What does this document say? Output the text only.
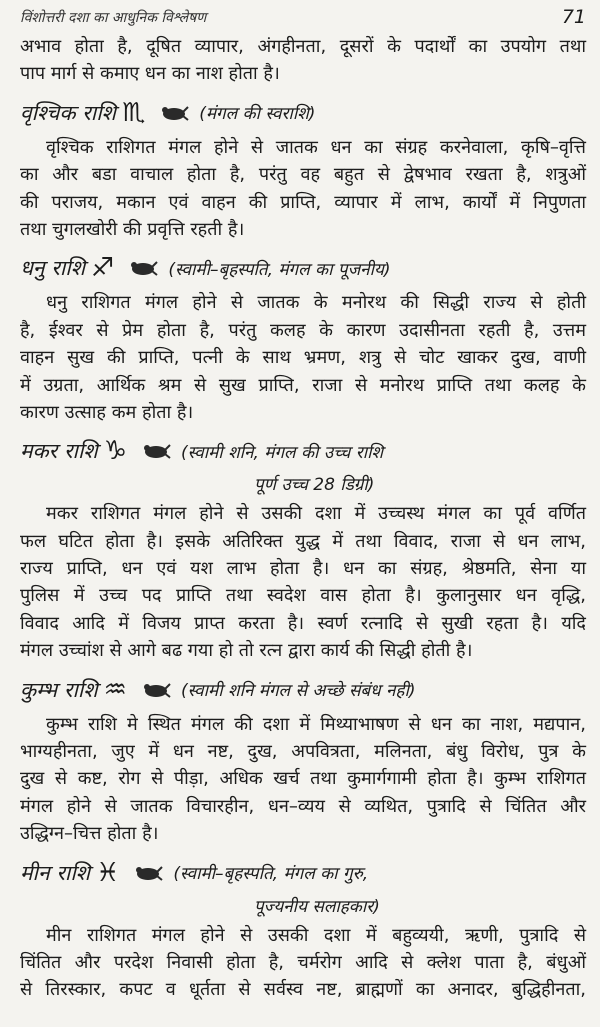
विंशोत्तरी दशा का आधुनिक विश्लेषण	71
अभाव होता है, दूषित व्यापार, अंगहीनता, दूसरों के पदार्थों का उपयोग तथा
पाप मार्ग से कमाए धन का नाश होता है।
वृश्चिक राशि ♏	(मंगल की स्वराशि)
वृश्चिक राशिगत मंगल होने से जातक धन का संग्रह करनेवाला, कृषि–वृत्ति
का और बडा वाचाल होता है, परंतु वह बहुत से द्वेषभाव रखता है, शत्रुओं
की पराजय, मकान एवं वाहन की प्राप्ति, व्यापार में लाभ, कार्यों में निपुणता
तथा चुगलखोरी की प्रवृत्ति रहती है।
धनु राशि ♐	(स्वामी–बृहस्पति, मंगल का पूजनीय)
धनु राशिगत मंगल होने से जातक के मनोरथ की सिद्धी राज्य से होती
है, ईश्वर से प्रेम होता है, परंतु कलह के कारण उदासीनता रहती है, उत्तम
वाहन सुख की प्राप्ति, पत्नी के साथ भ्रमण, शत्रु से चोट खाकर दुख, वाणी
में उग्रता, आर्थिक श्रम से सुख प्राप्ति, राजा से मनोरथ प्राप्ति तथा कलह के
कारण उत्साह कम होता है।
मकर राशि ♑	(स्वामी शनि, मंगल की उच्च राशि
पूर्ण उच्च 28 डिग्री)
मकर राशिगत मंगल होने से उसकी दशा में उच्चस्थ मंगल का पूर्व वर्णित
फल घटित होता है। इसके अतिरिक्त युद्ध में तथा विवाद, राजा से धन लाभ,
राज्य प्राप्ति, धन एवं यश लाभ होता है। धन का संग्रह, श्रेष्ठमति, सेना या
पुलिस में उच्च पद प्राप्ति तथा स्वदेश वास होता है। कुलानुसार धन वृद्धि,
विवाद आदि में विजय प्राप्त करता है। स्वर्ण रत्नादि से सुखी रहता है। यदि
मंगल उच्चांश से आगे बढ गया हो तो रत्न द्वारा कार्य की सिद्धी होती है।
कुम्भ राशि ♒	(स्वामी शनि मंगल से अच्छे संबंध नही)
कुम्भ राशि मे स्थित मंगल की दशा में मिथ्याभाषण से धन का नाश, मद्यपान,
भाग्यहीनता, जुए में धन नष्ट, दुख, अपवित्रता, मलिनता, बंधु विरोध, पुत्र के
दुख से कष्ट, रोग से पीड़ा, अधिक खर्च तथा कुमार्गगामी होता है। कुम्भ राशिगत
मंगल होने से जातक विचारहीन, धन–व्यय से व्यथित, पुत्रादि से चिंतित और
उद्धिग्न–चित्त होता है।
मीन राशि ♓	(स्वामी–बृहस्पति, मंगल का गुरु,
पूज्यनीय सलाहकार)
मीन राशिगत मंगल होने से उसकी दशा में बहुव्ययी, ऋणी, पुत्रादि से
चिंतित और परदेश निवासी होता है, चर्मरोग आदि से क्लेश पाता है, बंधुओं
से तिरस्कार, कपट व धूर्तता से सर्वस्व नष्ट, ब्राह्मणों का अनादर, बुद्धिहीनता,
